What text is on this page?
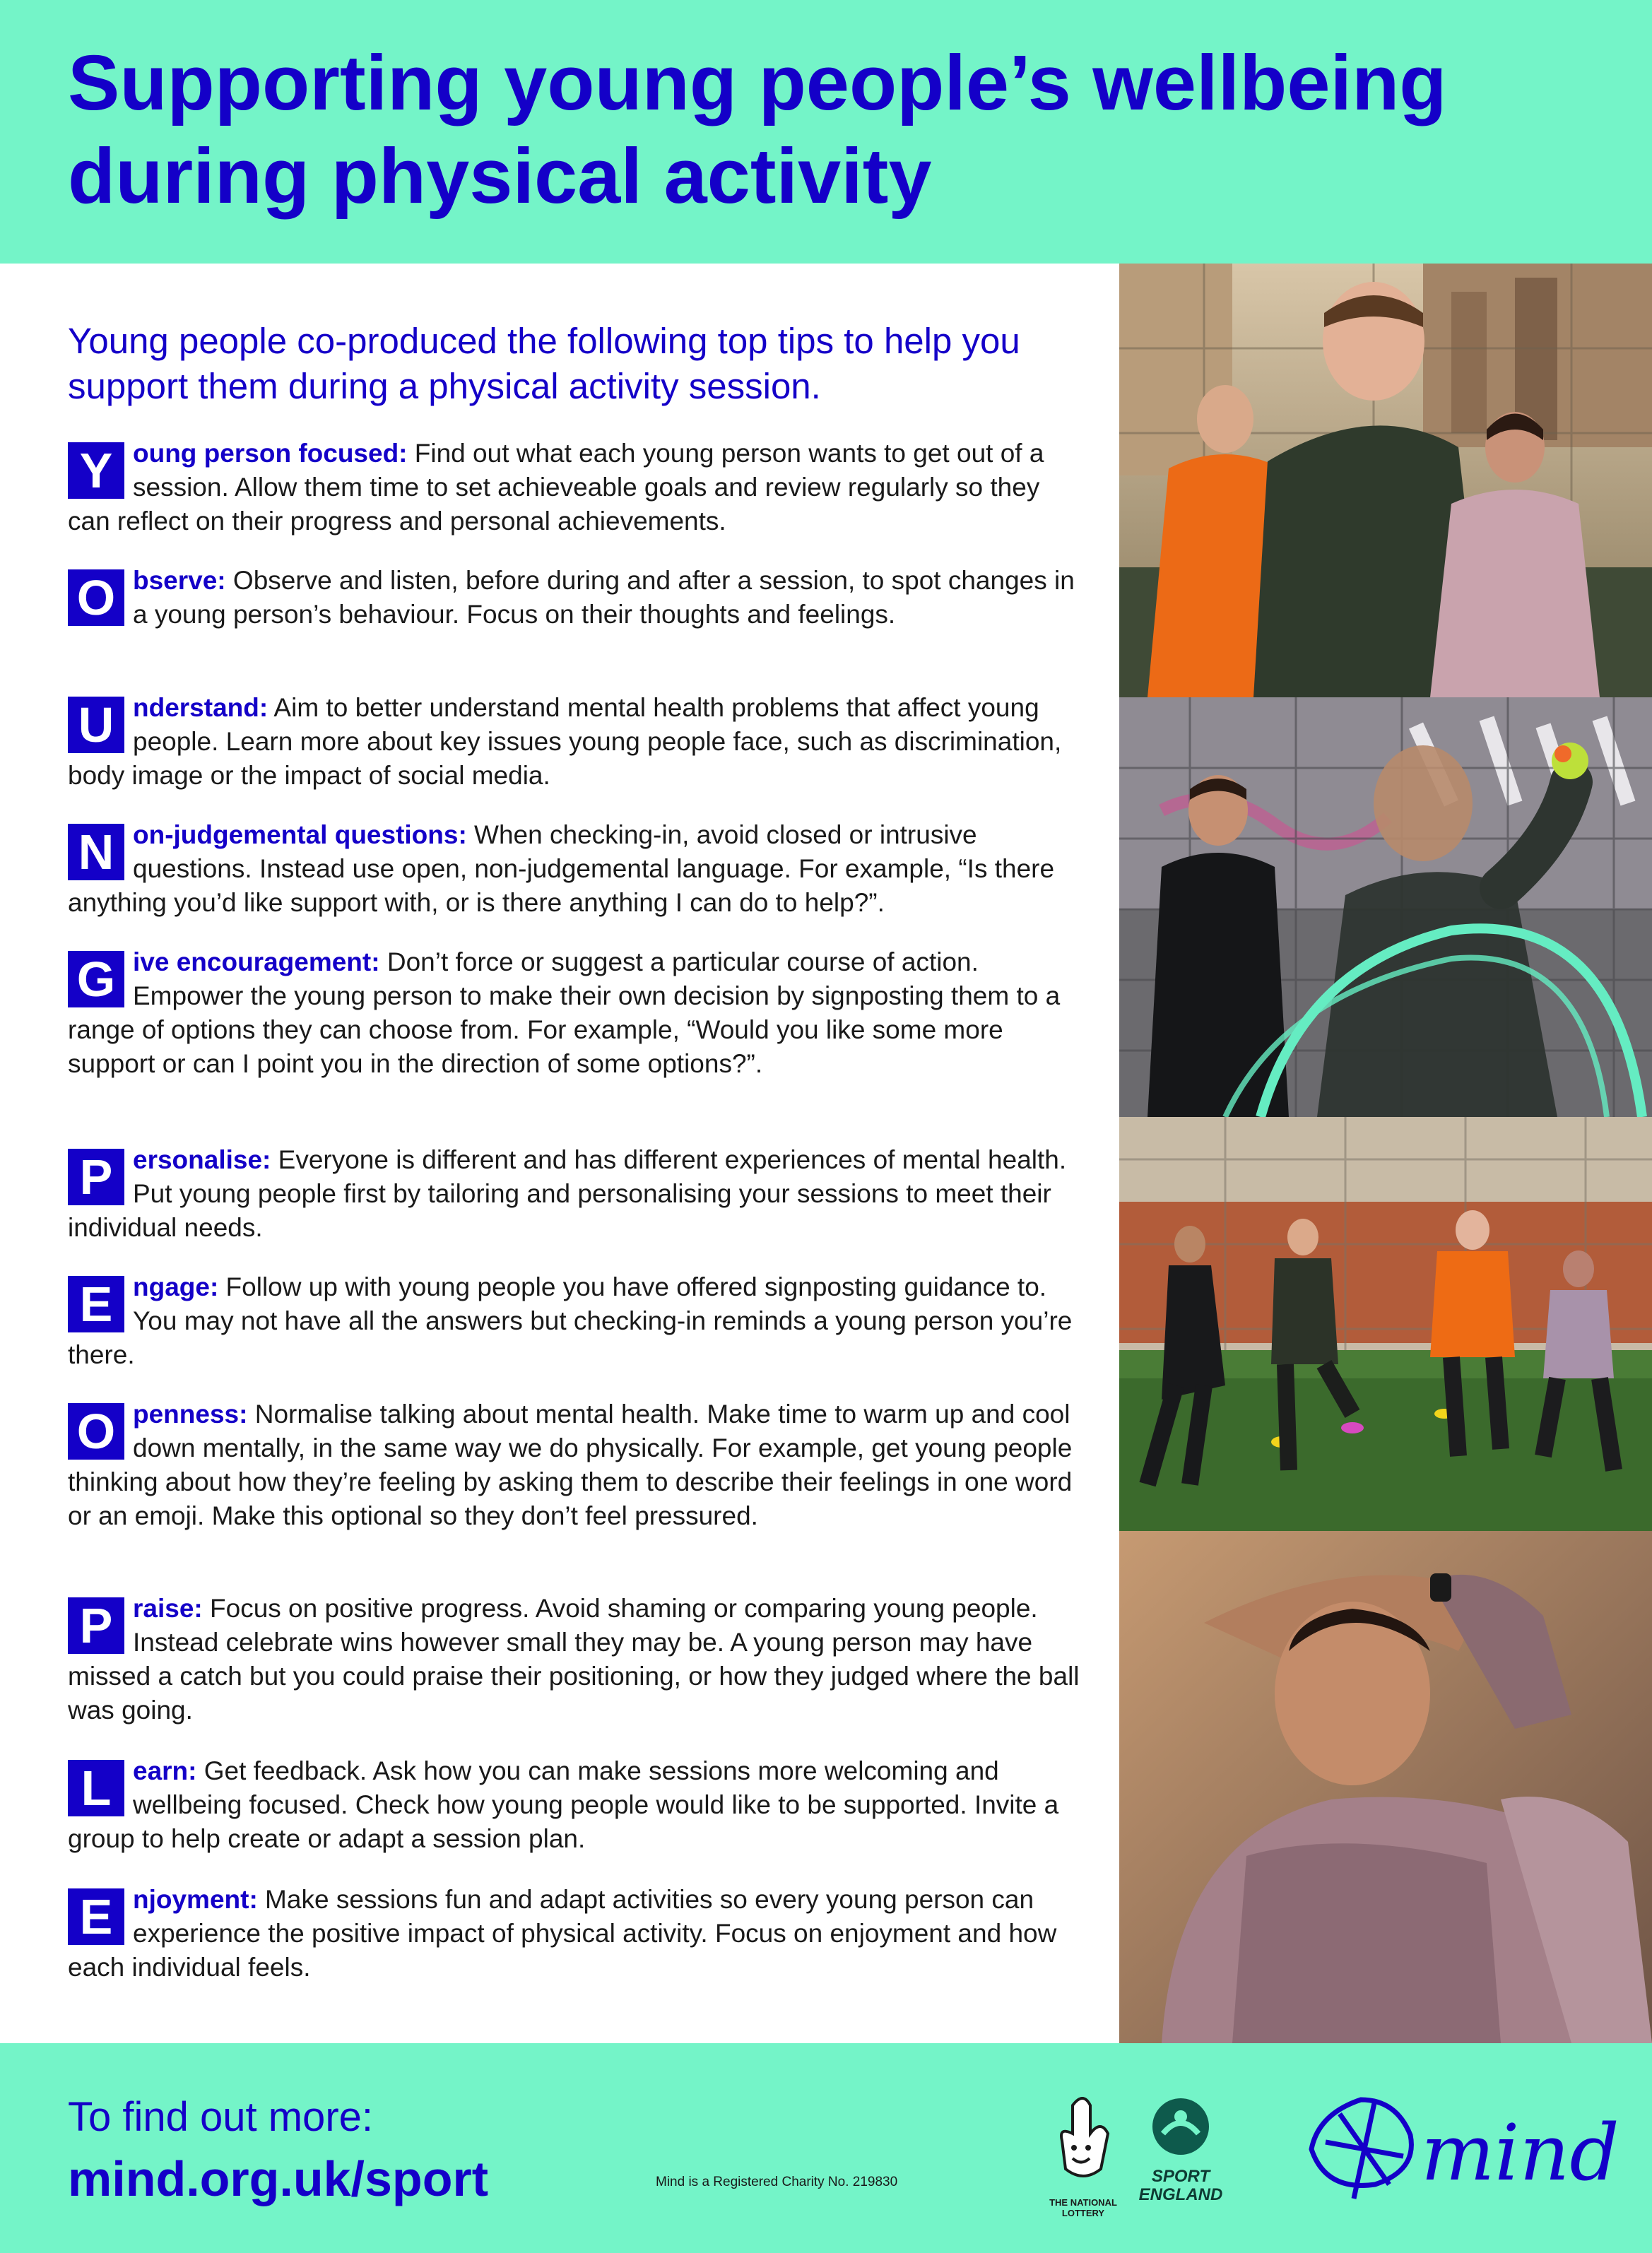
Supporting young people’s wellbeing during physical activity

Young people co-produced the following top tips to help you support them during a physical activity session.

Y oung person focused: Find out what each young person wants to get out of a session. Allow them time to set achieveable goals and review regularly so they can reflect on their progress and personal achievements.
O bserve: Observe and listen, before during and after a session, to spot changes in a young person’s behaviour. Focus on their thoughts and feelings.
U nderstand: Aim to better understand mental health problems that affect young people. Learn more about key issues young people face, such as discrimination, body image or the impact of social media.
N on-judgemental questions: When checking-in, avoid closed or intrusive questions. Instead use open, non-judgemental language. For example, “Is there anything you’d like support with, or is there anything I can do to help?”.
G ive encouragement: Don’t force or suggest a particular course of action. Empower the young person to make their own decision by signposting them to a range of options they can choose from. For example, “Would you like some more support or can I point you in the direction of some options?”.
P ersonalise: Everyone is different and has different experiences of mental health. Put young people first by tailoring and personalising your sessions to meet their individual needs.
E ngage: Follow up with young people you have offered signposting guidance to. You may not have all the answers but checking-in reminds a young person you’re there.
O penness: Normalise talking about mental health. Make time to warm up and cool down mentally, in the same way we do physically. For example, get young people thinking about how they’re feeling by asking them to describe their feelings in one word or an emoji. Make this optional so they don’t feel pressured.
P raise: Focus on positive progress. Avoid shaming or comparing young people. Instead celebrate wins however small they may be. A young person may have missed a catch but you could praise their positioning, or how they judged where the ball was going.
L earn: Get feedback. Ask how you can make sessions more welcoming and wellbeing focused. Check how young people would like to be supported. Invite a group to help create or adapt a session plan.
E njoyment: Make sessions fun and adapt activities so every young person can experience the positive impact of physical activity. Focus on enjoyment and how each individual feels.
To find out more:
mind.org.uk/sport	Mind is a Registered Charity No. 219830
THE NATIONAL LOTTERY
SPORT
ENGLAND	mind
